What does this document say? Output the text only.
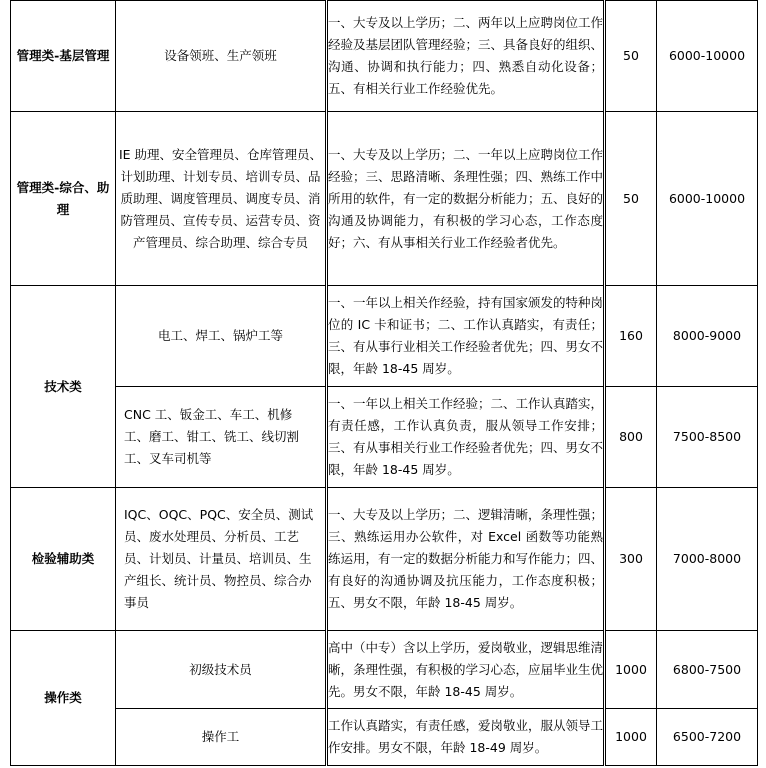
管理类-基层管理	设备领班、生产领班	一、大专及以上学历；二、两年以上应聘岗位工作经验及基层团队管理经验；三、具备良好的组织、沟通、协调和执行能力；四、熟悉自动化设备；五、有相关行业工作经验优先。	50	6000-10000
管理类-综合、助理	IE 助理、安全管理员、仓库管理员、计划助理、计划专员、培训专员、品质助理、调度管理员、调度专员、消防管理员、宣传专员、运营专员、资产管理员、综合助理、综合专员	一、大专及以上学历；二、一年以上应聘岗位工作经验；三、思路清晰、条理性强；四、熟练工作中所用的软件，有一定的数据分析能力；五、良好的沟通及协调能力，有积极的学习心态，工作态度好；六、有从事相关行业工作经验者优先。	50	6000-10000
技术类	电工、焊工、锅炉工等	一、一年以上相关作经验，持有国家颁发的特种岗位的 IC 卡和证书；二、工作认真踏实，有责任；三、有从事行业相关工作经验者优先；四、男女不限，年龄 18-45 周岁。	160	8000-9000
	CNC 工、钣金工、车工、机修工、磨工、钳工、铣工、线切割工、叉车司机等	一、一年以上相关工作经验；二、工作认真踏实，有责任感，工作认真负责，服从领导工作安排；三、有从事相关行业工作经验者优先；四、男女不限，年龄 18-45 周岁。	800	7500-8500
检验辅助类	IQC、OQC、PQC、安全员、测试员、废水处理员、分析员、工艺员、计划员、计量员、培训员、生产组长、统计员、物控员、综合办事员	一、大专及以上学历；二、逻辑清晰，条理性强；三、熟练运用办公软件，对 Excel 函数等功能熟练运用，有一定的数据分析能力和写作能力；四、有良好的沟通协调及抗压能力，工作态度积极；五、男女不限，年龄 18-45 周岁。	300	7000-8000
操作类	初级技术员	高中（中专）含以上学历，爱岗敬业，逻辑思维清晰，条理性强，有积极的学习心态，应届毕业生优先。男女不限，年龄 18-45 周岁。	1000	6800-7500
	操作工	工作认真踏实，有责任感，爱岗敬业，服从领导工作安排。男女不限，年龄 18-49 周岁。	1000	6500-7200
